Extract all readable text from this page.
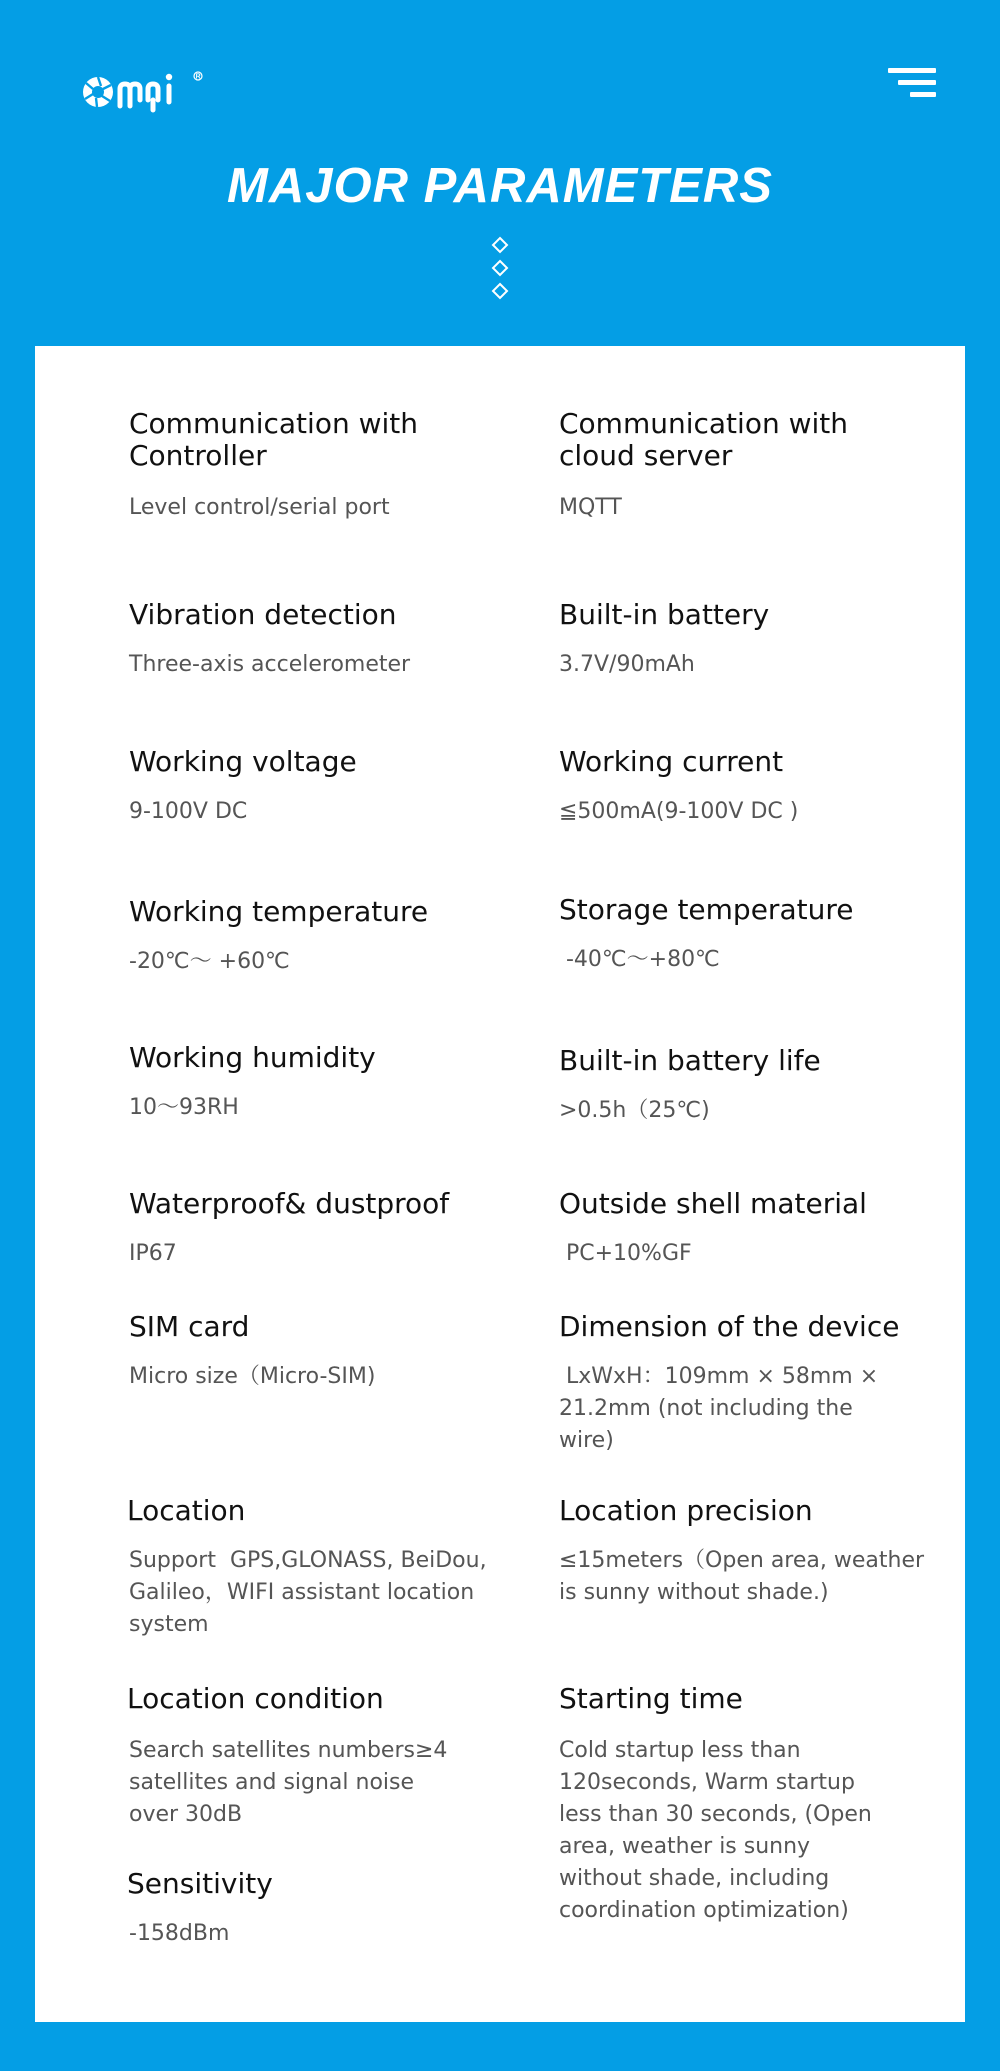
MAJOR PARAMETERS
Communication with Controller

Level control/serial port

Communication with cloud server

MQTT

Vibration detection

Three-axis accelerometer

Built-in battery

3.7V/90mAh

Working voltage

9-100V DC

Working current

≦500mA(9-100V DC )

Working temperature

-20℃～ +60℃

Storage temperature

-40℃～+80℃

Working humidity

10～93RH

Built-in battery life

>0.5h（25℃)

Waterproof& dustproof

IP67

Outside shell material

PC+10%GF

SIM card

Micro size（Micro-SIM)

Dimension of the device

LxWxH：109mm × 58mm × 21.2mm (not including the wire)

Location

Support  GPS,GLONASS, BeiDou, Galileo，WIFI assistant location system

Location precision

≤15meters（Open area, weather is sunny without shade.)

Location condition

Search satellites numbers≥4 satellites and signal noise over 30dB

Starting time

Cold startup less than 120seconds, Warm startup less than 30 seconds, (Open area, weather is sunny without shade, including coordination optimization)

Sensitivity

-158dBm
